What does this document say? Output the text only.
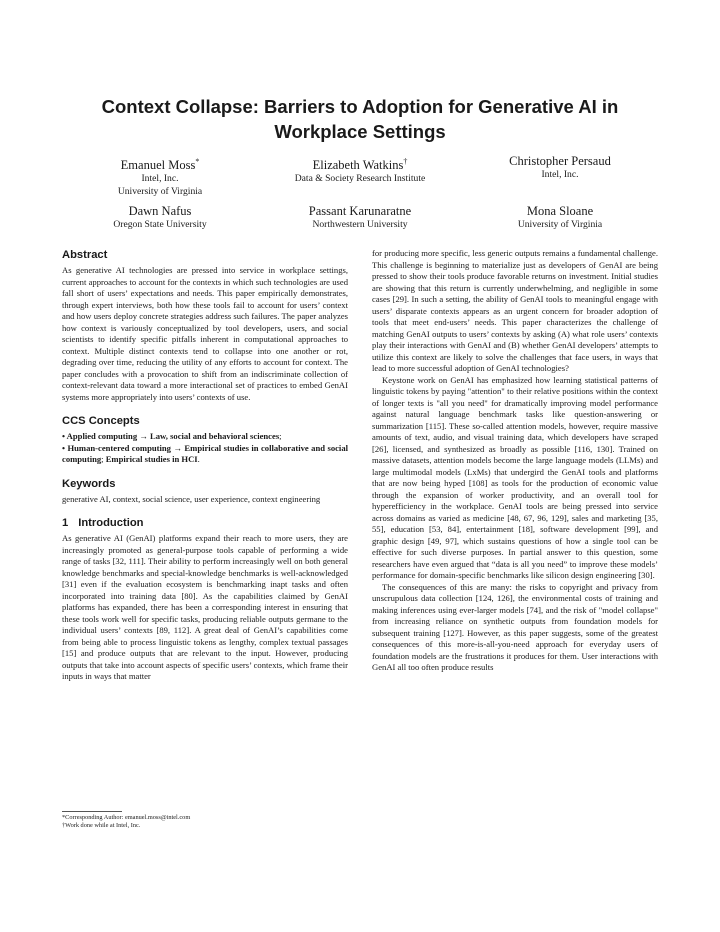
Context Collapse: Barriers to Adoption for Generative AI in Workplace Settings
Emanuel Moss*
Intel, Inc.
University of Virginia
Elizabeth Watkins†
Data & Society Research Institute
Christopher Persaud
Intel, Inc.
Dawn Nafus
Oregon State University
Passant Karunaratne
Northwestern University
Mona Sloane
University of Virginia
Abstract

As generative AI technologies are pressed into service in workplace settings, current approaches to account for the contexts in which such technologies are used fall short of users’ expectations and needs. This paper empirically demonstrates, through expert interviews, both how these tools fail to account for users’ context and how users deploy concrete strategies address such failures. The paper analyzes how context is variously conceptualized by tool developers, users, and social scientists to identify specific pitfalls inherent in computational approaches to context. Multiple distinct contexts tend to collapse into one another or rot, degrading over time, reducing the utility of any efforts to account for context. The paper concludes with a provocation to shift from an indiscriminate collection of context-relevant data toward a more interactional set of practices to embed GenAI systems more appropriately into users’ contexts of use.

CCS Concepts

• Applied computing → Law, social and behavioral sciences;

• Human-centered computing → Empirical studies in collaborative and social computing; Empirical studies in HCI.

Keywords

generative AI, context, social science, user experience, context engineering

1 Introduction

As generative AI (GenAI) platforms expand their reach to more users, they are increasingly promoted as general-purpose tools capable of performing a wide range of tasks [32, 111]. Their ability to perform increasingly well on both general knowledge benchmarks and special-knowledge benchmarks is well-acknowledged [31] even if the evaluation ecosystem is benchmarking inapt tasks and often incorporated into training data [80]. As the capabilities claimed by GenAI platforms has expanded, there has been a corresponding interest in ensuring that these tools work well for specific tasks, producing reliable outputs germane to the individual users’ contexts [89, 112]. A great deal of GenAI’s capabilities come from being able to process linguistic tokens as lengthy, complex textual passages [15] and produce outputs that are relevant to the input. However, producing outputs that take into account aspects of specific users’ contexts, which frame their inputs in ways that matter

*Corresponding Author: emanuel.moss@intel.com
†Work done while at Intel, Inc.

for producing more specific, less generic outputs remains a fundamental challenge. This challenge is beginning to materialize just as developers of GenAI are being pressed to show their tools produce favorable returns on investment. Initial studies are showing that this return is currently underwhelming, and negligible in some cases [29]. In such a setting, the ability of GenAI tools to meaningful engage with users’ disparate contexts appears as an urgent concern for broader adoption of tools that meet end-users’ needs. This paper characterizes the challenge of matching GenAI outputs to users’ contexts by asking (A) what role users’ contexts play their interactions with GenAI and (B) whether GenAI developers’ attempts to utilize this context are likely to solve the challenges that face users, in ways that lead to more successful adoption of GenAI technologies?

Keystone work on GenAI has emphasized how learning statistical patterns of linguistic tokens by paying "attention" to their relative positions within the context of longer texts is "all you need" for dramatically improving model performance against natural language benchmark tasks like question-answering or summarization [115]. These so-called attention models, however, require massive amounts of text, audio, and visual training data, which developers have scraped [26], licensed, and synthesized as broadly as possible [116, 130]. Trained on massive datasets, attention models become the large language models (LLMs) and large multimodal models (LxMs) that undergird the GenAI tools and platforms that are now being hyped [108] as tools for the production of economic value through the expansion of worker productivity, and an overall tool for hyperefficiency in the workplace. GenAI tools are being pressed into service across domains as varied as medicine [48, 67, 96, 129], sales and marketing [35, 55], education [53, 84], entertainment [18], software development [99], and graphic design [49, 97], which sustains questions of how a single tool can be effective for such diverse purposes. In partial answer to this question, some researchers have even argued that “data is all you need” to improve these models’ performance for domain-specific benchmarks like silicon design engineering [30].

The consequences of this are many: the risks to copyright and privacy from unscrupulous data collection [124, 126], the environmental costs of training and making inferences using ever-larger models [74], and the risk of "model collapse" from increasing reliance on synthetic outputs from foundation models for subsequent training [127]. However, as this paper suggests, some of the greatest consequences of this more-is-all-you-need approach for everyday users of foundation models are the frustrations it produces for them. User interactions with GenAI all too often produce results
